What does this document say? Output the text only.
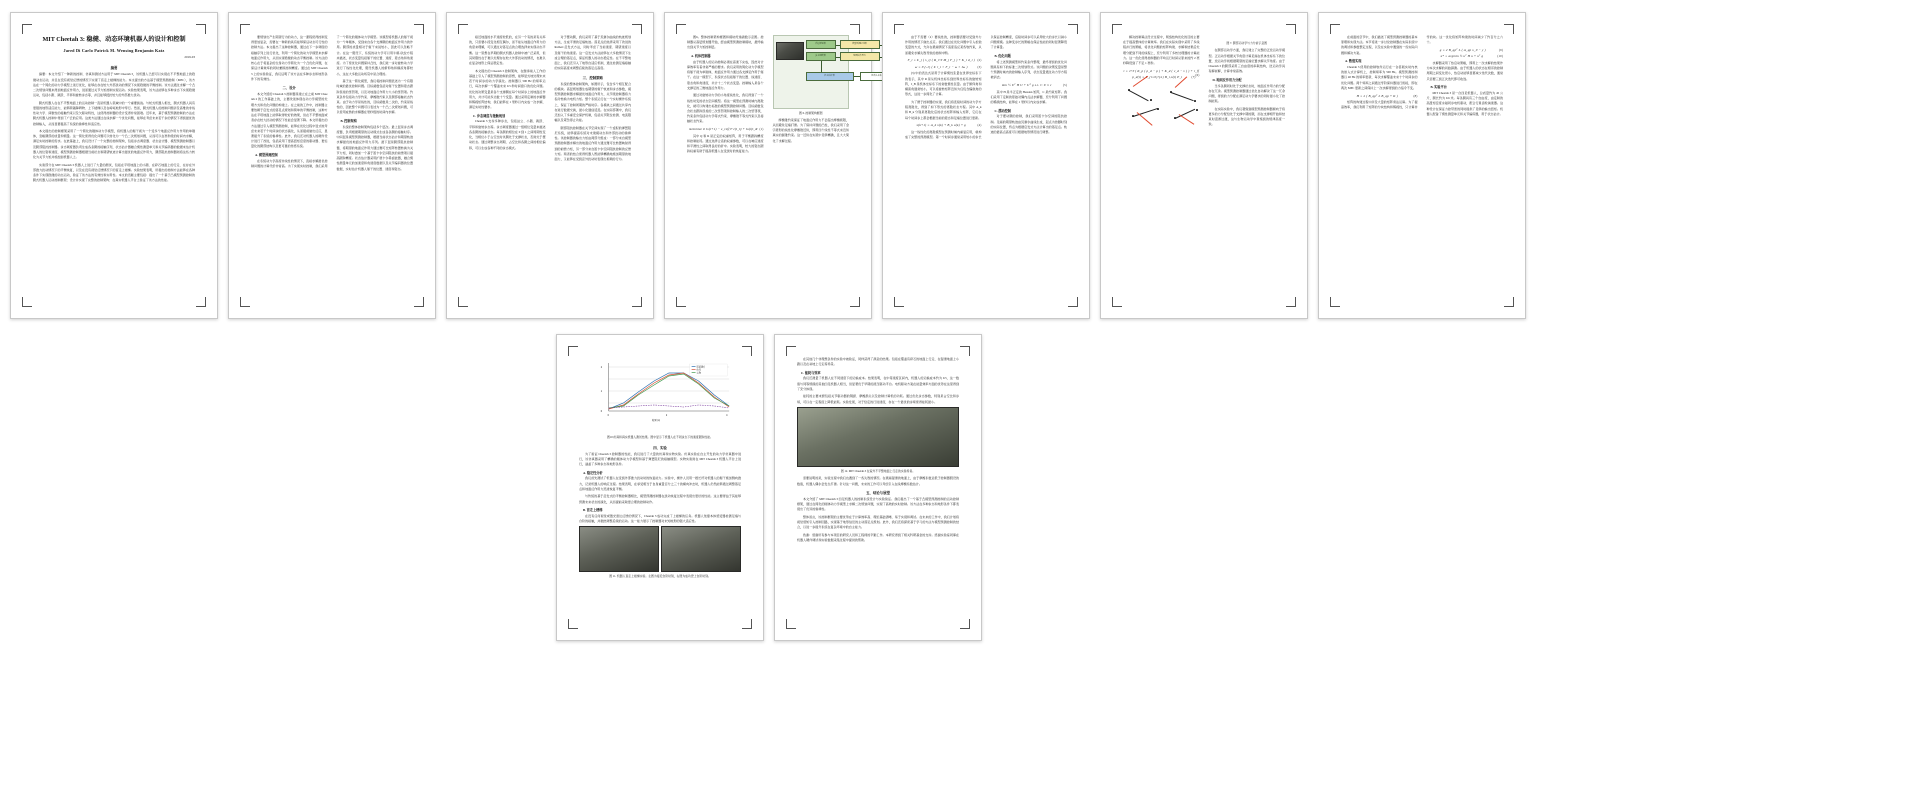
MIT Cheetah 3: 稳健、动态环境机器人的设计和控制
Jared Di Carlo Patrick M. Wensing Benjamin Katz
2019-03
摘要

摘要：本文介绍了一种新的控制、仿真和测试方法用于 MIT Cheetah 3，该机器人已经可以实现在不平整地面上的稳健动态运动，并且在没有视觉反馈的情况下实现了盲走上楼梯的能力。本文提出的方法基于模型预测控制（MPC），该方法在一个简化的动力学模型上进行优化，能够在存在较大外部扰动的情况下实现稳健的平衡控制。该方法通过求解一个凸二次规划问题来得到地面反作用力，进而通过关节力矩控制实现运动。实验结果表明，该方法能够在多种步态下实现稳健运动，包括小跑、跳跃、平移和旋转步态等，并且能够抵抗较大的外部推力扰动。

腿式机器人在在不平整地面上的运动控制一直是机器人领域中的一个重要挑战。与轮式机器人相比，腿式机器人具有更强的地形适应能力，能够跨越障碍物、上下楼梯以及在崎岖地形中穿行。然而，腿式机器人的控制问题涉及高维的非线性动力学、间歇性的接触约束以及欠驱动特性，这使得控制器的设计变得非常困难。近年来，基于模型预测控制的方法在腿式机器人控制中得到了广泛的应用。这类方法通过在线求解一个优化问题，能够在考虑未来若干步的情况下得到最优的控制输入，从而显著提高了系统的鲁棒性和适应性。

本文提出的控制框架采用了一个简化的刚体动力学模型，将机器人的躯干视为一个受多个地面反作用力作用的单刚体，忽略腿部的质量和惯量。这一简化使得优化问题可以转化为一个凸二次规划问题，从而可以在毫秒级的时间内求解，满足实时控制的需求。在此基础上，我们设计了一个完整的控制架构，包括步态调度器、状态估计器、模型预测控制器以及腿部阻抗控制器。步态调度器负责生成各条腿的接触序列，状态估计器融合惯性测量单元和关节编码器的数据来估计机器人的位姿和速度，模型预测控制器根据当前状态和期望轨迹计算出最优的地面反作用力，腿部阻抗控制器则将这些力转化为关节力矩并施加到机器人上。

实验部分在 MIT Cheetah 3 机器人上进行了大量的测试，包括在平坦地面上的小跑、在碎石地面上的行走、在存在外部推力扰动情况下的平衡恢复，以及在没有视觉反馈情况下的盲走上楼梯。实验结果表明，所提出的控制方法能够在各种条件下实现稳健的动态运动，验证了该方法的有效性和实用性。本文的贡献主要包括：提出了一个基于凸模型预测控制的腿式机器人运动控制框架；设计并实现了完整的控制架构；在真实机器人平台上验证了该方法的性能。

要规划出产生期望行为的动力，这一课程使得控制变得更加复杂，需要在一种新的具有能够保证动态可行性的控制方法。本文提出了这种控制器，通过在下一步调度的接触序列上进行优化，利用一个简化的动力学模型来求解地面反作用力，从而实现稳健的动态平衡控制。该方法的核心在于将复杂的全身动力学简化为一个凸优化问题，在保证计算效率的同时兼顾控制精度。通过在 MIT Cheetah 3 上的实验验证，我们证明了该方法在多种步态和地形条件下的有效性。

二、设计

本文介绍的 Cheetah 3 控制器是建立在之前 MIT Cheetah 2 的工作基础上的，主要改进体现在动力学模型的处理方式和优化问题的构建上。在之前的工作中，控制器主要依赖于启发式的落足点规划和简单的平衡控制，这种方法在平坦地面上能够取得较好的效果，但在不平整地面或者存在较大扰动的情况下性能会显著下降。本文所提出的方法通过引入模型预测控制，能够在优化过程中显式地考虑未来若干个时间步的状态演化，从而提前做出反应，显著提升了系统的鲁棒性。此外，我们还对机器人的硬件设计进行了改进，包括采用了更高扭矩密度的驱动器、更轻量化的腿部结构以及更可靠的传感系统。

A. 模型预测控制

在系统动力学高度非线性的情况下，直接求解最优控制问题的计算代价非常高。为了实现实时控制，我们采用了一个简化的刚体动力学模型。该模型将机器人的躯干视为一个单刚体，受到来自各个支撑腿的地面反作用力的作用。腿部的质量相对于躯干来说较小，因此可以忽略不计。在这一假设下，系统的动力学可以用牛顿-欧拉方程来描述，状态变量包括躯干的位置、速度、姿态角和角速度。为了使优化问题保持凸性，我们进一步对旋转动力学进行了线性化处理，假设机器人的俯仰角和横滚角都较小，这在大多数运动场景中是合理的。

基于这一简化模型，我们将控制问题表述为一个有限时域的最优控制问题。目标函数包括对躯干位置和姿态跟踪误差的惩罚项，以及对地面反作用力大小的惩罚项。约束条件包括动力学约束、摩擦锥约束以及腿部接触状态约束。由于动力学是线性的，目标函数是二次的，约束是线性的，因此整个问题可以表述为一个凸二次规划问题，可以使用成熟的求解器在毫秒级的时间内求解。

B. 控制架构

系统的整体控制架构包括多个层次。最上层是步态调度器，负责根据期望的运动模式生成各条腿的接触时序。中间层是模型预测控制器，根据当前状态估计和期望轨迹求解最优的地面反作用力序列。最下层是腿部阻抗控制器，将期望的地面反作用力通过雅可比矩阵转置转换为关节力矩，同时叠加一个基于笛卡尔空间阻抗的前馈项以提高跟踪精度。状态估计器采用扩展卡尔曼滤波器，融合惯性测量单元的加速度和角速度数据以及关节编码器的位置数据，实时估计机器人躯干的位置、速度和姿态。

接近地面的水平速度较低的，在另一个有的是有关率的，只需要小段变化相互偶尔，而不能从地面反作用力的角度来理解，可以通过对落足点的合理选择来实现动态平衡。这一思想在早期的腿式机器人控制中被广泛采用，但其局限性在于难以处理存在较大外部扰动的情况，也难以在复杂地形上保证稳定性。

本文提出的 Cheetah 3 控制架构，在继承前人工作的基础上引入了模型预测控制的思想，能够显式地处理未来若干时间步的动力学演化。控制器以 500 Hz 的频率运行，每次求解一个覆盖未来 0.5 秒时间窗口的优化问题。优化的决策变量是各个支撑腿在每个时间步上的地面反作用力，共计可能多达数十个变量。通过采用定制的求解器和稀疏矩阵结构，我们能够在 1 毫秒以内完成一次求解，满足实时性要求。

C. 步态调度与接触规划

Cheetah 3 支持多种步态，包括站立、小跑、跳跃、平移和旋转步态等。步态调度器通过一组相位变量来描述各条腿的接触状态。每条腿的相位在 0 到 1 之间周期性变化，当相位小于占空比时该腿处于支撑状态，否则处于摆动状态。通过调整步态周期、占空比和各腿之间的相位偏移，可以生成各种不同的步态模式。

对于摆动腿，我们采用了基于贝塞尔曲线的轨迹规划方法，生成平滑的足端轨迹。落足点的选择采用了改进的 Raibert 启发式方法，同时考虑了当前速度、期望速度以及躯干的角速度。这一启发式方法能够在大多数情况下生成合理的落足点，保证机器人的动态稳定性。在不平整地面上，我们还引入了地形自适应机制，通过检测足端接触的实际高度来调整后续的落足点高度。

三、控制策略

系统的整体控制架构，如图所示，包含多个相互配合的模块。高层规划器生成期望的躯干轨迹和步态参数，模型预测控制器求解最优地面反作用力，关节级控制器将力指令转换为电机力矩。整个系统运行在一个实时操作系统上，保证了控制周期的严格时序。各模块之间通过共享内存进行数据交换，最小化通信延迟。在实际部署中，我们还加入了多重安全保护机制，包括关节限位检测、电流限幅以及紧急停止功能。

腿部阻抗控制器在关节空间实现了一个虚拟的弹簧阻尼系统，能够提高系统对未建模动态和外部扰动的鲁棒性。该控制器的输出力矩由两部分组成：一部分来自模型预测控制器求解出的地面反作用力通过雅可比转置映射得到的前馈力矩，另一部分来自笛卡尔空间阻抗控制的反馈力矩。两者的结合使得机器人既能够精确地施加期望的地面力，又能够在受到意外扰动时表现出柔顺的行为。

图6。整体控制架构框图和模块传递函数示意图。控制器从高层规划器开始，经由模型预测控制模块，最终输出到关节力矩控制层。

A. 机体控制器

由于机器人的运动控制必须在高速下完成，因此对计算效率有着非常严格的要求。我们采用的简化动力学模型将躯干视为单刚体，地面反作用力通过各支撑足作用于躯干。在这一模型下，系统状态包括躯干的位置、线速度、姿态角和角速度，共计十二个状态变量。控制输入是各个支撑足的三维地面反作用力。

通过对旋转动力学的小角度线性化，我们得到了一个线性时变的状态空间模型。将这一模型在预测时域内离散化，就可以构建出标准的模型预测控制问题。目标函数包含状态跟踪误差的二次惩罚项和控制输入的二次惩罚项，约束条件包括动力学等式约束、摩擦锥不等式约束以及接触状态约束。

minimize Σ ‖x(i+1) − x_ref(i+1)‖_Q + ‖u(i)‖_R (1)

其中 Q 和 R 是正定的权重矩阵，用于平衡跟踪精度和控制能耗。通过选择合适的权重参数，可以在响应速度和平滑性之间取得良好的折中。实验表明，较大的姿态跟踪权重有助于提高机器人在受扰时的恢复能力。

高层规划器
步态调度器
模型预测控制器
地面反作用力
状态估计器	机器人本体
图 6. 控制架构框图

摩擦锥约束保证了地面反作用力不会超出摩擦极限，从而避免足端打滑。为了保持问题的凸性，我们采用了金字塔形的线性化摩擦锥近似，即用四个线性不等式来近似真实的圆锥约束。这一近似在实践中足够精确，且大大简化了求解过程。

由于不需要（2）要线性的，控制器需要对受到外力作用的情况下做出反应。我们通过在优化问题中引入松弛变量的方式，允许在极端情况下适度违反某些软约束，从而避免求解失败导致的控制中断。

F_i = Σ_j ( λ_ij ( R_i^T M_j F_j ) + K_i d_i ) (2)
ω̇ = I^{-1} ( Σ r_i × F_i − ω × Iω )	(3)

(3) 中的表达式是用于计算惯性张量在世界坐标系下的表示，其中 R 是从机体坐标系到世界坐标系的旋转矩阵，I_B 是机体坐标系下的常数惯性张量。由于俯仰角和横滚角通常较小，可以将旋转矩阵近似为仅包含偏航角的形式，这进一步简化了计算。

为了便于控制器的实现，我们将连续时间的动力学方程离散化，得到了如下形式的离散状态方程。其中 A_k 和 B_k 分别是离散化后的状态矩阵和输入矩阵，它们在每个时间步上都会根据当前的姿态和足端位置进行更新。

x(k+1) = A_k x(k) + B_k u(k) + g	(4)

这一线性化的离散模型在预测时域内重复应用，就构成了完整的预测模型。第一个时间步通常采用较小的步长以保证控制精度，后续时间步可以采用较大的步长以减小问题规模。这种变步长的策略在保证性能的同时显著降低了计算量。

B. 优化问题

将上述预测模型和约束条件整理，最终得到的优化问题具有如下的标准二次规划形式。该问题的决策变量是整个预测时域内的控制输入序列，状态变量通过动力学方程被消去。

min ½ Uᵀ H U + Uᵀ g s.t. C U ≤ c	(5)

其中 H 是半正定的 Hessian 矩阵，C 是约束矩阵。我们采用了定制的原始对偶内点法求解器，充分利用了问题的稀疏结构，能够在 1 毫秒以内完成求解。

C. 摆动控制

对于摆动腿的控制，我们采用笛卡尔空间的阻抗控制。足端的期望轨迹由贝塞尔曲线生成，起点为抬脚时刻的实际位置，终点为根据启发式方法计算出的落足点。轨迹的最高点高度可以根据地形情况进行调整。

解决控制算法设计过程中，网络结构优化的目的主要在于提高整体的计算效率。我们在实际实现中采用了多线程并行的策略，将优化问题的矩阵构建、求解和结果后处理分配到不同的线程上，充分利用了多核处理器的计算能力。这一优化使得控制器的平均运行时间从原来的约 2 毫秒降低到了不足 1 毫秒。

τ = J^T ( K_p ( p_d − p ) + K_d ( v_d − v ) ) + τ_ff
(6)
p_d(t) = Σ_{i=0}^{n} B_i,n(t) P_i	(7)
图 7. 腿部运动学与力分析示意图

在腿部运动学方面，我们建立了完整的正逆运动学模型。正运动学根据关节角度计算足端在机体坐标系下的位置，逆运动学则根据期望的足端位置求解关节角度。由于 Cheetah 3 的腿部采用三自由度的串联结构，逆运动学具有解析解，计算非常高效。

D. 地面反作用力分配

当多条腿同时处于支撑状态时，地面反作用力的分配存在冗余。模型预测控制器通过优化自动解决了这一冗余问题，得到的力分配在满足动力学要求的同时最小化了控制能耗。

在实际实验中，我们观察到模型预测控制器倾向于将更多的力分配给处于支撑中期的腿，而在支撑相开始和结束时逐渐过渡，这与生物运动学中观察到的规律高度一致。

在前面的章节中，我们描述了模型预测控制器的基本原理和实现方法。本节将进一步讨论控制器在实际系统中的调试和参数整定过程，以及在实验中遇到的一些实际问题和解决方案。

A. 数值实现

Cheetah 3 使用的控制软件运行在一台搭载实时内核的嵌入式计算机上，控制频率为 500 Hz。模型预测控制器以 40 Hz 的频率更新，每次求解覆盖未来十个时间步的优化问题。两个频率之间通过零阶保持器进行衔接，即在两次 MPC 更新之间保持上一次求解得到的力指令不变。

H = 2 ( B_qpᵀ L B_qp + K )	(8)

矩阵的构建过程中涉及大量的矩阵乘法运算。为了提高效率，我们利用了矩阵的分块结构和稀疏性，只计算非零的块。这一优化将矩阵构建的时间减少了约百分之六十。

g = 2 B_qpᵀ L ( A_qp x_0 − y )	(9)
u* = argmin ½ uᵀ H u + uᵀ g	(10)

求解器采用了热启动策略，即用上一次求解的结果作为本次求解的初始猜测。由于机器人的状态在相邻的控制周期之间变化很小，热启动能够显著减少迭代次数，通常只需要三到五次迭代即可收敛。

B. 实验平台

MIT Cheetah 3 是一台四足机器人，总质量约为 45 公斤，腿长约为 0.6 米。每条腿具有三个自由度，由定制的高扭矩密度永磁同步电机驱动，配合行星齿轮减速器。这种设计在保证力控带宽的同时提供了足够的输出扭矩。机器人配备了惯性测量单元和关节编码器，用于状态估计。

0
1
2
0	2	4
期望速度
仿真
实物
时间 (s)
图10.仿真和真实机器人测试结果。图中显示了机器人在不同步态下的速度跟踪性能。
四、实验

为了验证 Cheetah 3 控制器的性能，我们进行了大量的仿真和实物实验。仿真实验在自主开发的动力学仿真器中进行，该仿真器采用了精确的刚体动力学模型和基于弹簧阻尼的接触模型。实物实验则在 MIT Cheetah 3 机器人平台上进行，涵盖了多种步态和地形条件。

A. 稳定性分析

我们首先测试了机器人在受到外部推力扰动时的恢复能力。实验中，操作人员用一根长杆对机器人的躯干施加侧向推力，记录机器人的响应过程。结果表明，在承受相当于自身重量百分之三十的横向冲击时，机器人仍然能够通过调整落足点和地面反作用力迅速恢复平衡。

与传统的基于启发式的平衡控制器相比，模型预测控制器在扰动恢复过程中表现出更好的性能。这主要得益于其能够预测未来状态的演化，从而提前采取更合理的控制动作。

B. 盲走上楼梯

在没有任何视觉或激光雷达反馈的情况下，Cheetah 3 成功完成了上楼梯的任务。机器人依靠本体感受器检测足端与台阶的接触，并据此调整后续的运动。这一能力展示了控制器对未知地形的强大适应性。

图 11. 机器人盲走上楼梯实验。左图为接近台阶时刻，右图为成功登上台阶时刻。

在其他几个非理想条件的实验中被验证，同样获得了满意的结果。包括在覆盖有碎石的地面上行走、在湿滑地面上小跑以及在斜坡上行走等场景。

C. 能耗与效率

我们还测量了机器人在不同速度下的运输成本。结果表明，在中等速度区间内，机器人的运输成本约为 0.5，这一数值与同等规模的其他四足机器人相当，但显著优于早期的液压驱动平台。电机驱动方案在能量效率方面的优势在这里得到了充分体现。

能耗的主要来源包括关节驱动器的铜损、摩擦损失以及控制计算机的功耗。通过优化步态参数，特别是占空比和步频，可以在一定程度上降低能耗。实验发现，对于给定的行进速度，存在一个最优的步频使得能耗最小。

图 12. MIT Cheetah 3 在室外不平整地面上行走的实验场景。

需要说明的是，实验过程中我们也遇到了一些失败的情况。在极端湿滑的地面上，由于摩擦系数远低于控制器假设的数值，机器人偶尔会发生打滑。针对这一问题，未来的工作可以考虑引入在线摩擦系数估计。

五、结论与展望

本文介绍了 MIT Cheetah 3 四足机器人的控制系统设计与实验验证。我们提出了一个基于凸模型预测控制的运动控制框架，通过在简化的刚体动力学模型上求解二次规划问题，实现了高效的实时控制。该方法在多种步态和地形条件下都表现出了优异的鲁棒性。

整体而言，该控制框架的主要优势在于计算效率高、理论基础清晰、易于实现和调试。在未来的工作中，我们计划将视觉感知引入控制回路，实现基于地形信息的主动落足点规划。此外，我们还将探索基于学习的方法与模型预测控制的结合，以进一步提升系统在复杂环境中的自主能力。

致谢：感谢所有参与本项目的研究人员和工程师的辛勤工作。本研究得到了相关科研基金的支持。感谢实验室同事在机器人硬件调试和实验数据采集过程中提供的帮助。
